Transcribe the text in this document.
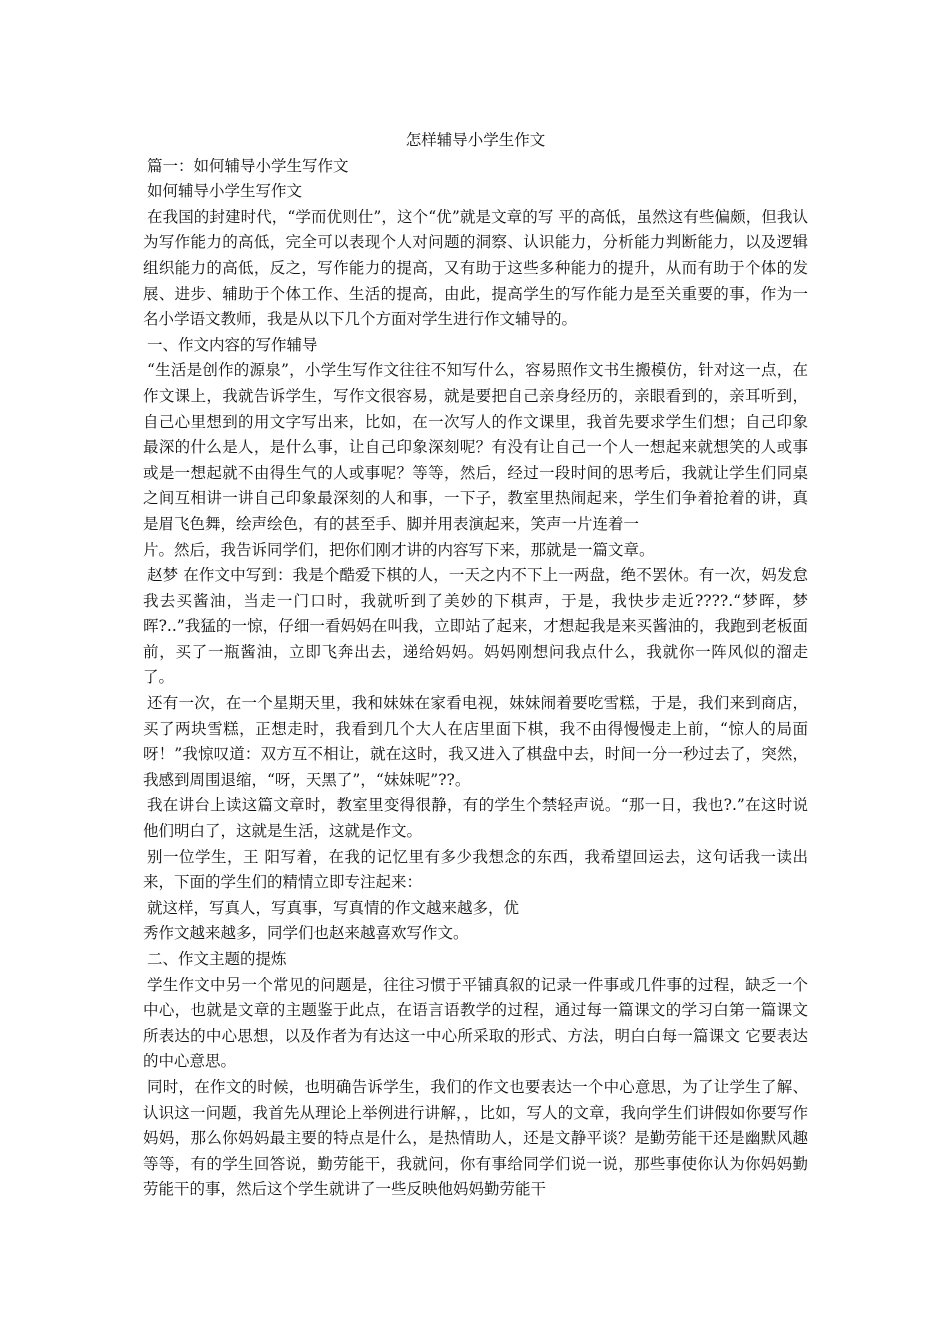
怎样辅导小学生作文
篇一：如何辅导小学生写作文
如何辅导小学生写作文

在我国的封建时代，“学而优则仕”，这个“优”就是文章的写 平的高低，虽然这有些偏颇，但我认为写作能力的高低，完全可以表现个人对问题的洞察、认识能力，分析能力判断能力，以及逻辑组织能力的高低，反之，写作能力的提高，又有助于这些多种能力的提升，从而有助于个体的发展、进步、辅助于个体工作、生活的提高，由此，提高学生的写作能力是至关重要的事，作为一名小学语文教师，我是从以下几个方面对学生进行作文辅导的。

一、作文内容的写作辅导

“生活是创作的源泉”，小学生写作文往往不知写什么，容易照作文书生搬模仿，针对这一点，在作文课上，我就告诉学生，写作文很容易，就是要把自己亲身经历的，亲眼看到的，亲耳听到，自己心里想到的用文字写出来，比如，在一次写人的作文课里，我首先要求学生们想；自己印象最深的什么是人，是什么事，让自己印象深刻呢？有没有让自己一个人一想起来就想笑的人或事或是一想起就不由得生气的人或事呢？等等，然后，经过一段时间的思考后，我就让学生们同桌之间互相讲一讲自己印象最深刻的人和事，一下子，教室里热闹起来，学生们争着抢着的讲，真是眉飞色舞，绘声绘色，有的甚至手、脚并用表演起来，笑声一片连着一

片。然后，我告诉同学们，把你们刚才讲的内容写下来，那就是一篇文章。

赵梦 在作文中写到：我是个酷爱下棋的人，一天之内不下上一两盘，绝不罢休。有一次，妈发怠我去买酱油，当走一门口时，我就听到了美妙的下棋声，于是，我快步走近????.“梦晖，梦晖?..”我猛的一惊，仔细一看妈妈在叫我，立即站了起来，才想起我是来买酱油的，我跑到老板面前，买了一瓶酱油，立即飞奔出去，递给妈妈。妈妈刚想问我点什么，我就你一阵风似的溜走了。

还有一次，在一个星期天里，我和妹妹在家看电视，妹妹闹着要吃雪糕，于是，我们来到商店，买了两块雪糕，正想走时，我看到几个大人在店里面下棋，我不由得慢慢走上前，“惊人的局面呀！”我惊叹道：双方互不相让，就在这时，我又进入了棋盘中去，时间一分一秒过去了，突然，我感到周围退缩，“呀，天黑了”，“妹妹呢”??。

我在讲台上读这篇文章时，教室里变得很静，有的学生个禁轻声说。“那一日，我也?.”在这时说他们明白了，这就是生活，这就是作文。

别一位学生，王 阳写着，在我的记忆里有多少我想念的东西，我希望回运去，这句话我一读出来，下面的学生们的精情立即专注起来：

就这样，写真人，写真事，写真情的作文越来越多，优

秀作文越来越多，同学们也赵来越喜欢写作文。

二、作文主题的提炼

学生作文中另一个常见的问题是，往往习惯于平铺真叙的记录一件事或几件事的过程，缺乏一个中心，也就是文章的主题鉴于此点，在语言语教学的过程，通过每一篇课文的学习白第一篇课文所表达的中心思想，以及作者为有达这一中心所采取的形式、方法，明白白每一篇课文 它要表达的中心意思。

同时，在作文的时候，也明确告诉学生，我们的作文也要表达一个中心意思，为了让学生了解、认识这一问题，我首先从理论上举例进行讲解，，比如，写人的文章，我向学生们讲假如你要写作妈妈，那么你妈妈最主要的特点是什么，是热情助人，还是文静平谈？是勤劳能干还是幽默风趣等等，有的学生回答说，勤劳能干，我就问，你有事给同学们说一说，那些事使你认为你妈妈勤劳能干的事，然后这个学生就讲了一些反映他妈妈勤劳能干
